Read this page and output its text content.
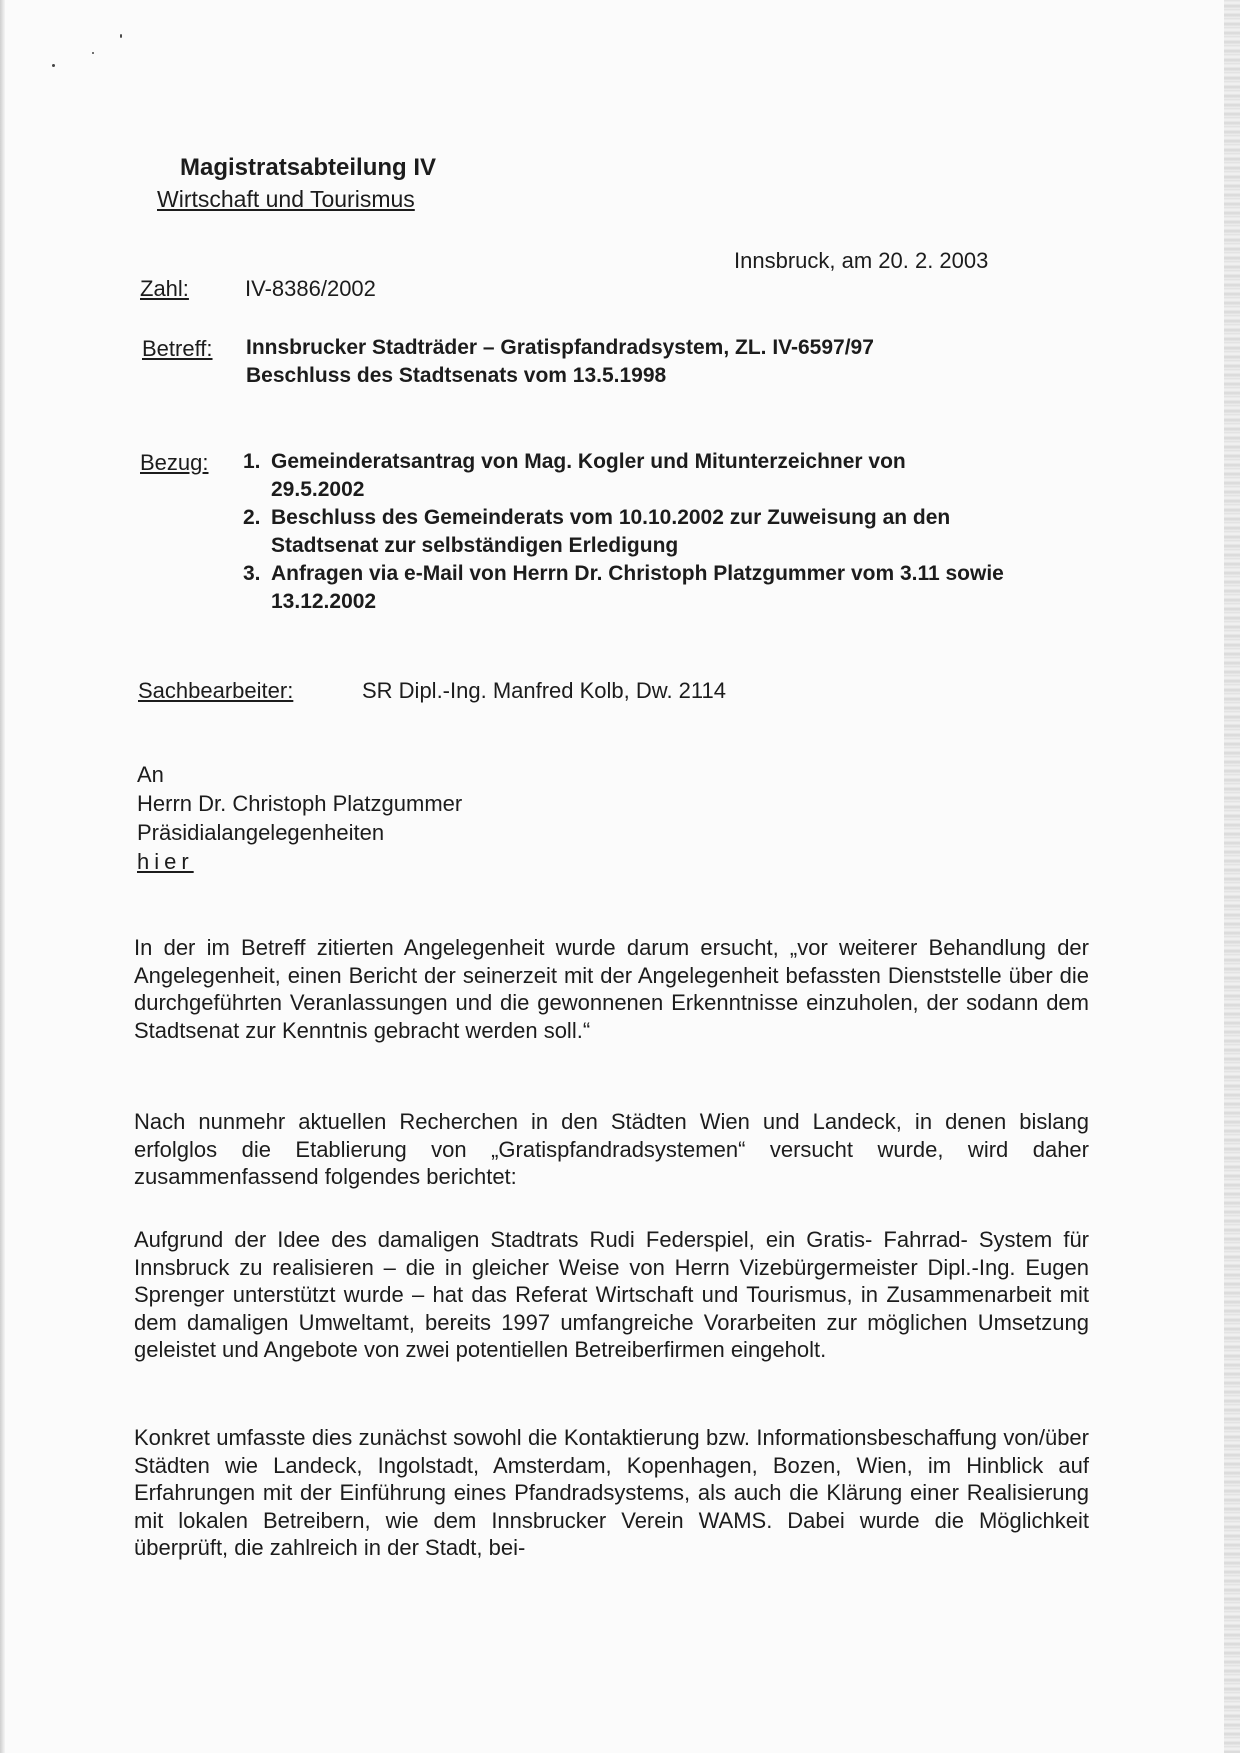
Magistratsabteilung IV
Wirtschaft und Tourismus
Innsbruck, am 20. 2. 2003
Zahl:	IV-8386/2002
Betreff: Innsbrucker Stadträder – Gratispfandradsystem, ZL. IV-6597/97
Beschluss des Stadtsenats vom 13.5.1998
Bezug: 1. Gemeinderatsantrag von Mag. Kogler und Mitunterzeichner von 29.5.2002
2. Beschluss des Gemeinderats vom 10.10.2002 zur Zuweisung an den Stadtsenat zur selbständigen Erledigung
3. Anfragen via e-Mail von Herrn Dr. Christoph Platzgummer vom 3.11 sowie 13.12.2002
Sachbearbeiter:	SR Dipl.-Ing. Manfred Kolb, Dw. 2114
An
Herrn Dr. Christoph Platzgummer
Präsidialangelegenheiten
hier
In der im Betreff zitierten Angelegenheit wurde darum ersucht, „vor weiterer Behandlung der Angelegenheit, einen Bericht der seinerzeit mit der Angelegenheit befassten Dienststelle über die durchgeführten Veranlassungen und die gewonnenen Erkenntnisse einzuholen, der sodann dem Stadtsenat zur Kenntnis gebracht werden soll.“
Nach nunmehr aktuellen Recherchen in den Städten Wien und Landeck, in denen bislang erfolglos die Etablierung von „Gratispfandradsystemen“ versucht wurde, wird daher zusammenfassend folgendes berichtet:
Aufgrund der Idee des damaligen Stadtrats Rudi Federspiel, ein Gratis- Fahrrad- System für Innsbruck zu realisieren – die in gleicher Weise von Herrn Vizebürgermeister Dipl.-Ing. Eugen Sprenger unterstützt wurde – hat das Referat Wirtschaft und Tourismus, in Zusammenarbeit mit dem damaligen Umweltamt, bereits 1997 umfangreiche Vorarbeiten zur möglichen Umsetzung geleistet und Angebote von zwei potentiellen Betreiberfirmen eingeholt.
Konkret umfasste dies zunächst sowohl die Kontaktierung bzw. Informationsbeschaffung von/über Städten wie Landeck, Ingolstadt, Amsterdam, Kopenhagen, Bozen, Wien, im Hinblick auf Erfahrungen mit der Einführung eines Pfandradsystems, als auch die Klärung einer Realisierung mit lokalen Betreibern, wie dem Innsbrucker Verein WAMS. Dabei wurde die Möglichkeit überprüft, die zahlreich in der Stadt, bei-
